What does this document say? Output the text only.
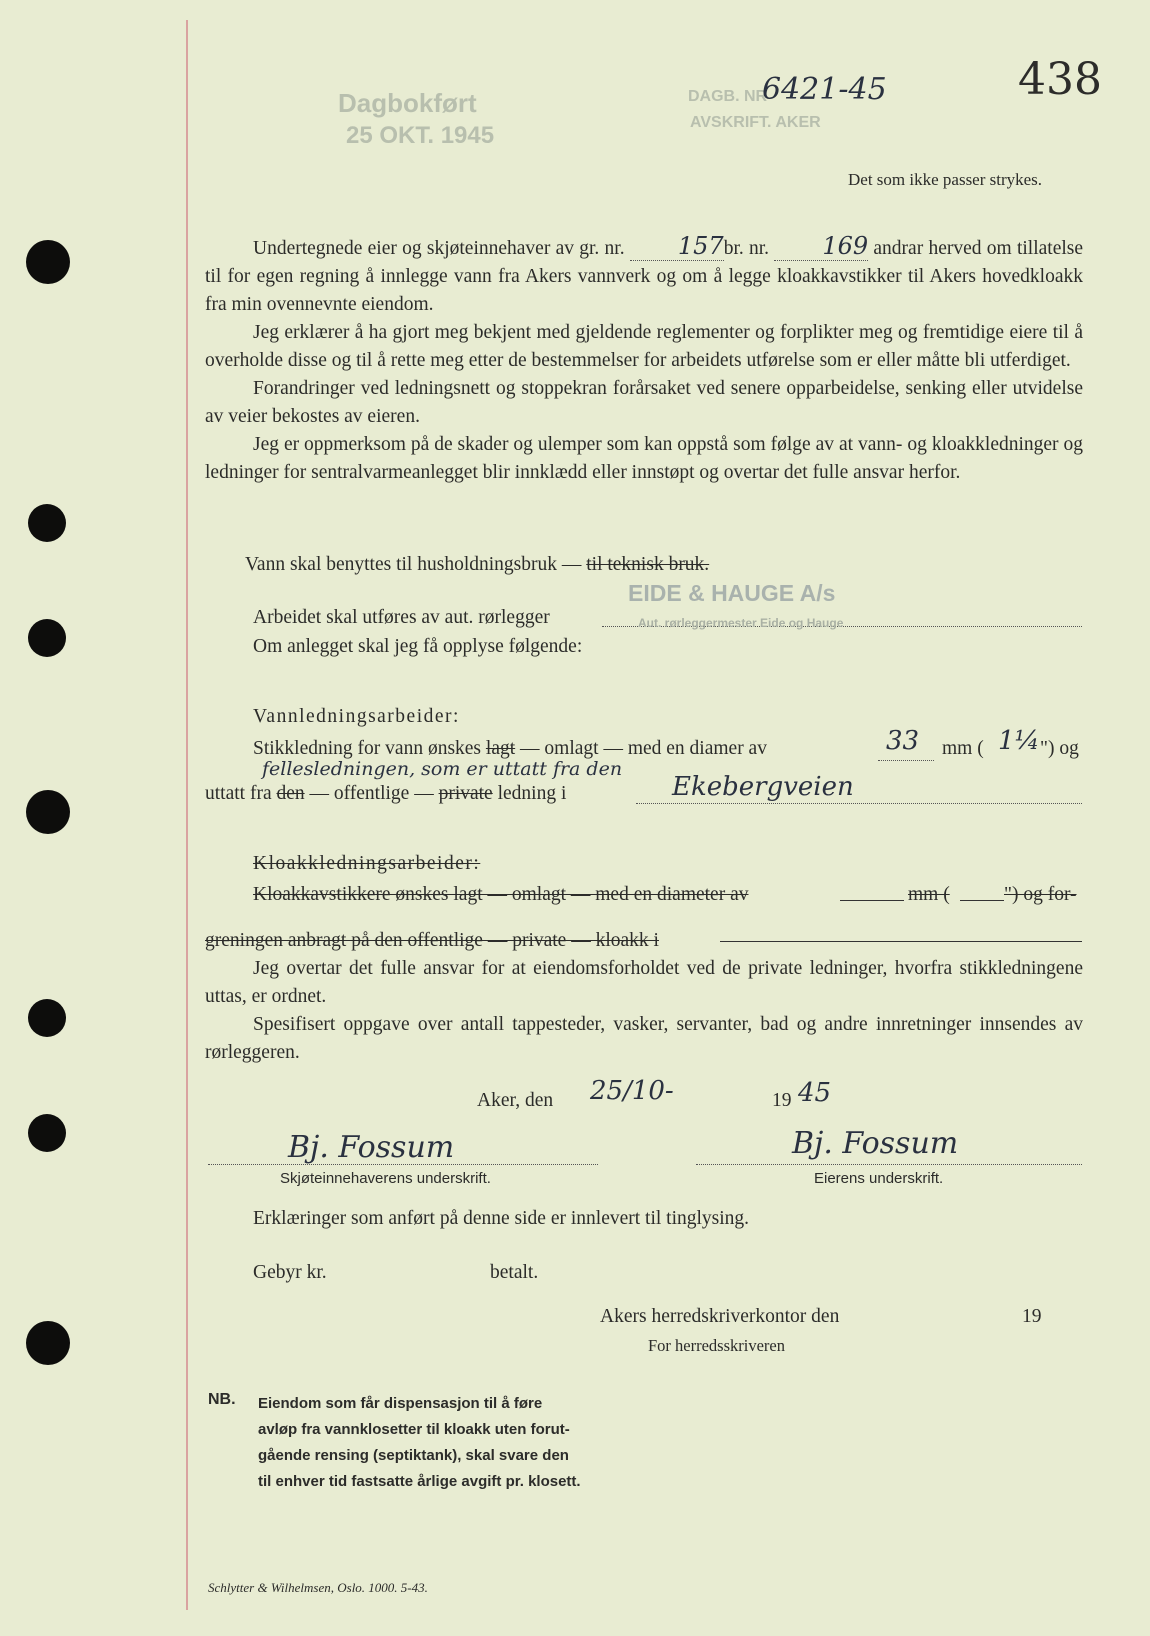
Dagbokført
25 OKT. 1945
DAGB. NR
6421-45
AVSKRIFT. AKER
438
Det som ikke passer strykes.

Undertegnede eier og skjøteinnehaver av gr. nr. 157br. nr. 169 andrar herved om tillatelse til for egen regning å innlegge vann fra Akers vannverk og om å legge kloakkavstikker til Akers hovedkloakk fra min ovennevnte eiendom.

Jeg erklærer å ha gjort meg bekjent med gjeldende reglementer og forplikter meg og fremtidige eiere til å overholde disse og til å rette meg etter de bestemmelser for arbeidets utførelse som er eller måtte bli utferdiget.

Forandringer ved ledningsnett og stoppekran forårsaket ved senere opparbeidelse, senking eller utvidelse av veier bekostes av eieren.

Jeg er oppmerksom på de skader og ulemper som kan oppstå som følge av at vann- og kloakkledninger og ledninger for sentralvarmeanlegget blir innklædd eller innstøpt og overtar det fulle ansvar herfor.

Vann skal benyttes til husholdningsbruk — til teknisk bruk.
EIDE & HAUGE A/s
Arbeidet skal utføres av aut. rørlegger	Aut. rørleggermester Eide og Hauge
Om anlegget skal jeg få opplyse følgende:
Vannledningsarbeider:
Stikkledning for vann ønskes lagt — omlagt — med en diamer av	33 mm ( 1¼ ") og
fellesledningen, som er uttatt fra den
uttatt fra den — offentlige — private ledning i	Ekebergveien
Kloakkledningsarbeider:
Kloakkavstikkere ønskes lagt — omlagt — med en diameter av	mm (	") og for-
greningen anbragt på den offentlige — private — kloakk i

Jeg overtar det fulle ansvar for at eiendomsforholdet ved de private ledninger, hvorfra stikkledningene uttas, er ordnet.

Spesifisert oppgave over antall tappesteder, vasker, servanter, bad og andre innretninger innsendes av rørleggeren.

Aker, den 25/10-	19 45
Bj. Fossum
Skjøteinnehaverens underskrift.
Bj. Fossum
Eierens underskrift.
Erklæringer som anført på denne side er innlevert til tinglysing.
Gebyr kr.	betalt.
Akers herredskriverkontor den	19
For herredsskriveren
NB. Eiendom som får dispensasjon til å føre
avløp fra vannklosetter til kloakk uten forut-
gående rensing (septiktank), skal svare den
til enhver tid fastsatte årlige avgift pr. klosett.
Schlytter & Wilhelmsen, Oslo. 1000. 5-43.
